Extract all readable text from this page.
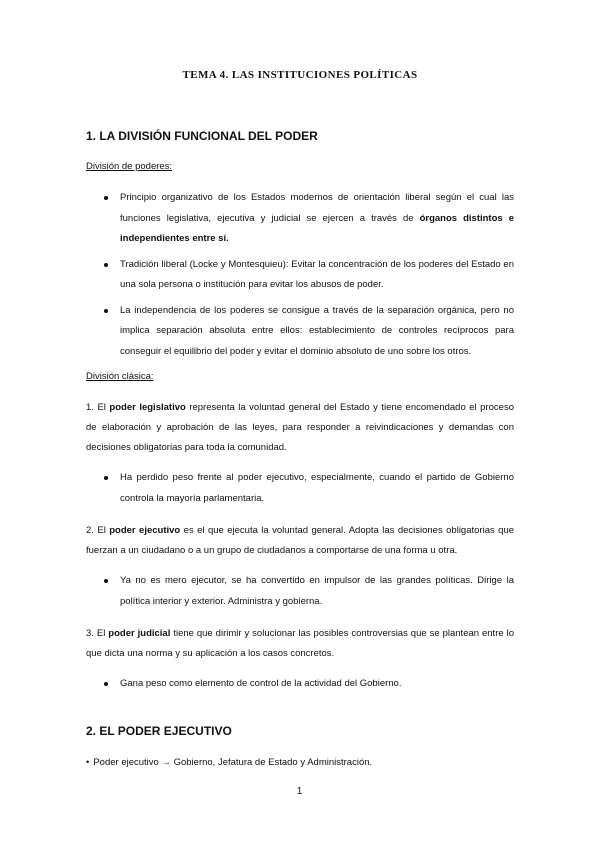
TEMA 4. LAS INSTITUCIONES POLÍTICAS
1. LA DIVISIÓN FUNCIONAL DEL PODER
División de poderes:
Principio organizativo de los Estados modernos de orientación liberal según el cual las funciones legislativa, ejecutiva y judicial se ejercen a través de órganos distintos e independientes entre sí.
Tradición liberal (Locke y Montesquieu): Evitar la concentración de los poderes del Estado en una sola persona o institución para evitar los abusos de poder.
La independencia de los poderes se consigue a través de la separación orgánica, pero no implica separación absoluta entre ellos: establecimiento de controles recíprocos para conseguir el equilibrio del poder y evitar el dominio absoluto de uno sobre los otros.
División clásica:

1. El poder legislativo representa la voluntad general del Estado y tiene encomendado el proceso de elaboración y aprobación de las leyes, para responder a reivindicaciones y demandas con decisiones obligatorias para toda la comunidad.

Ha perdido peso frente al poder ejecutivo, especialmente, cuando el partido de Gobierno controla la mayoría parlamentaria.

2. El poder ejecutivo es el que ejecuta la voluntad general. Adopta las decisiones obligatorias que fuerzan a un ciudadano o a un grupo de ciudadanos a comportarse de una forma u otra.

Ya no es mero ejecutor, se ha convertido en impulsor de las grandes políticas. Dirige la política interior y exterior. Administra y gobierna.

3. El poder judicial tiene que dirimir y solucionar las posibles controversias que se plantean entre lo que dicta una norma y su aplicación a los casos concretos.

Gana peso como elemento de control de la actividad del Gobierno.
2. EL PODER EJECUTIVO

• Poder ejecutivo → Gobierno, Jefatura de Estado y Administración.

1
